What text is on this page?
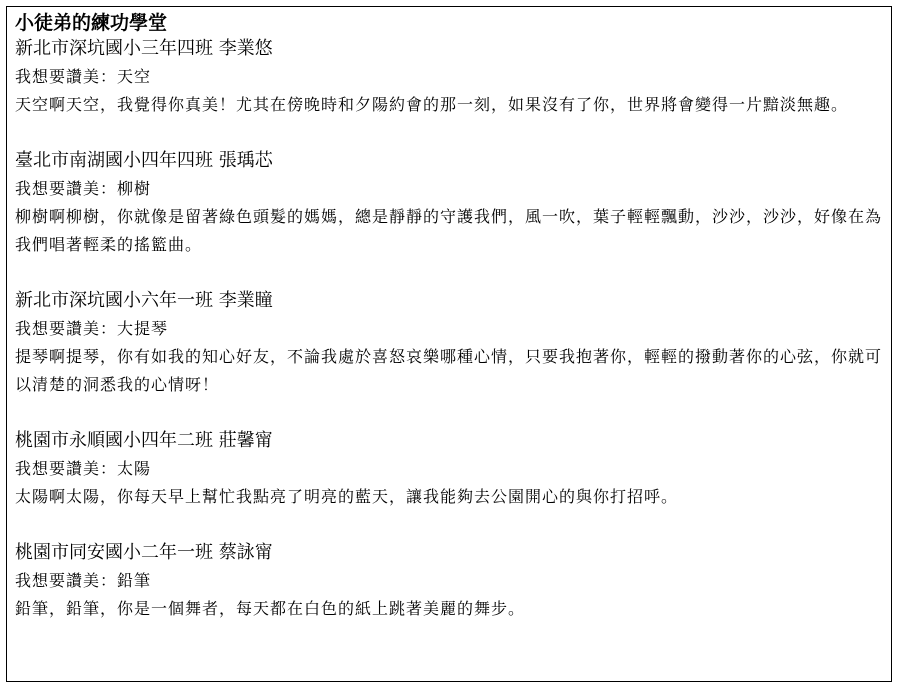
小徒弟的練功學堂
新北市深坑國小三年四班 李業悠
我想要讚美：天空
天空啊天空，我覺得你真美！尤其在傍晚時和夕陽約會的那一刻，如果沒有了你，世界將會變得一片黯淡無趣。
臺北市南湖國小四年四班 張瑀芯
我想要讚美：柳樹
柳樹啊柳樹，你就像是留著綠色頭髮的媽媽，總是靜靜的守護我們，風一吹，葉子輕輕飄動，沙沙，沙沙，好像在為我們唱著輕柔的搖籃曲。
新北市深坑國小六年一班 李業瞳
我想要讚美：大提琴
提琴啊提琴，你有如我的知心好友，不論我處於喜怒哀樂哪種心情，只要我抱著你，輕輕的撥動著你的心弦，你就可以清楚的洞悉我的心情呀！
桃園市永順國小四年二班 莊馨甯
我想要讚美：太陽
太陽啊太陽，你每天早上幫忙我點亮了明亮的藍天，讓我能夠去公園開心的與你打招呼。
桃園市同安國小二年一班 蔡詠甯
我想要讚美：鉛筆
鉛筆，鉛筆，你是一個舞者，每天都在白色的紙上跳著美麗的舞步。
